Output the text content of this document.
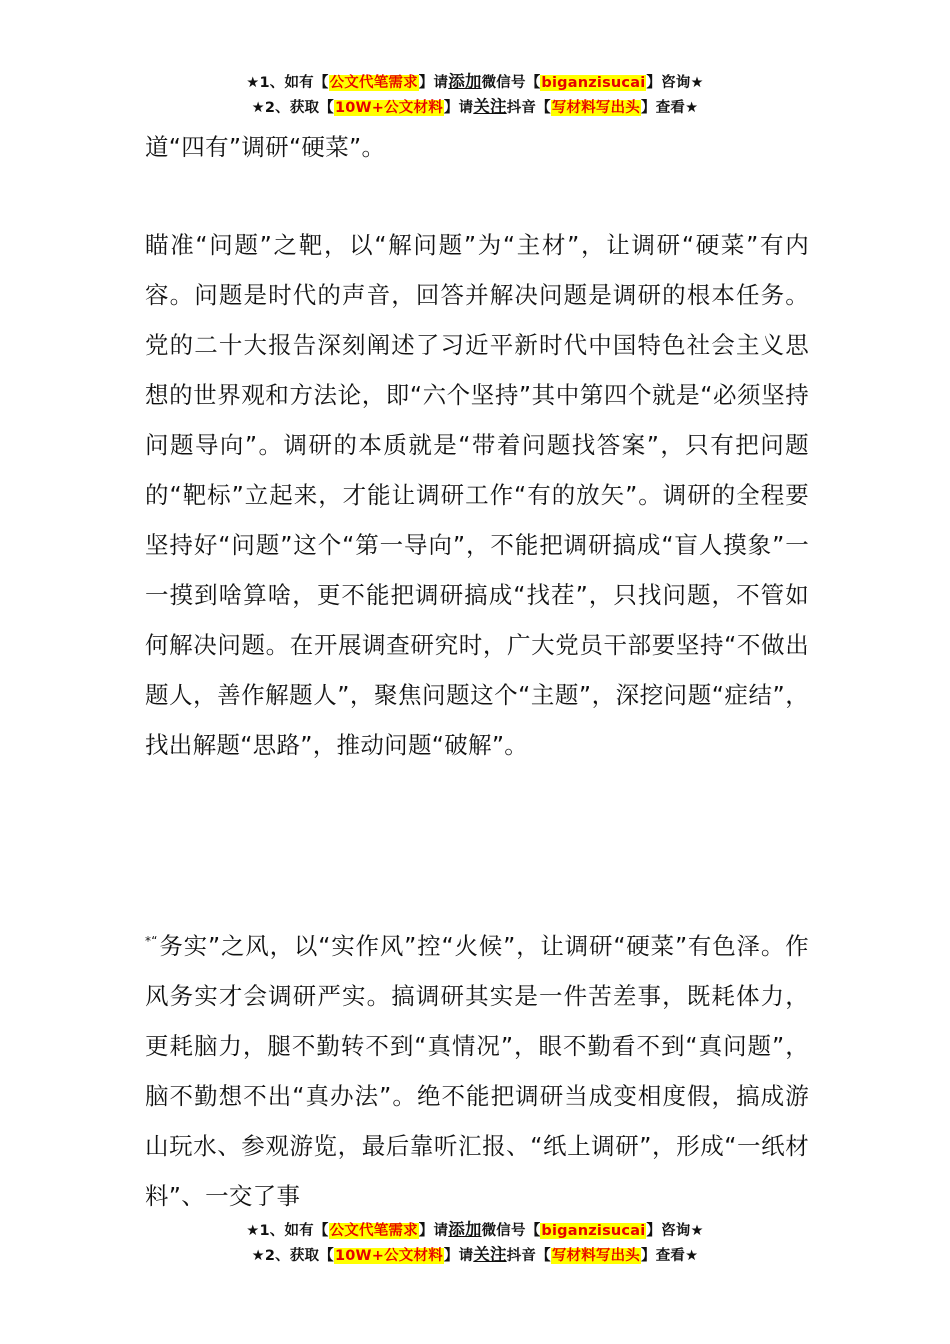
★1、如有【公文代笔需求】请添加微信号【biganzisucai】咨询★
★2、获取【10W+公文材料】请关注抖音【写材料写出头】查看★

道“四有”调研“硬菜”。

瞄准“问题”之靶，以“解问题”为“主材”，让调研“硬菜”有内容。问题是时代的声音，回答并解决问题是调研的根本任务。党的二十大报告深刻阐述了习近平新时代中国特色社会主义思想的世界观和方法论，即“六个坚持”其中第四个就是“必须坚持问题导向”。调研的本质就是“带着问题找答案”，只有把问题的“靶标”立起来，才能让调研工作“有的放矢”。调研的全程要坚持好“问题”这个“第一导向”，不能把调研搞成“盲人摸象”一一摸到啥算啥，更不能把调研搞成“找茬”，只找问题，不管如何解决问题。在开展调查研究时，广大党员干部要坚持“不做出题人，善作解题人”，聚焦问题这个“主题”，深挖问题“症结”，找出解题“思路”，推动问题“破解”。

*“务实”之风，以“实作风”控“火候”，让调研“硬菜”有色泽。作风务实才会调研严实。搞调研其实是一件苦差事，既耗体力，更耗脑力，腿不勤转不到“真情况”，眼不勤看不到“真问题”，脑不勤想不出“真办法”。绝不能把调研当成变相度假，搞成游山玩水、参观游览，最后靠听汇报、“纸上调研”，形成“一纸材料”、一交了事

★1、如有【公文代笔需求】请添加微信号【biganzisucai】咨询★
★2、获取【10W+公文材料】请关注抖音【写材料写出头】查看★
